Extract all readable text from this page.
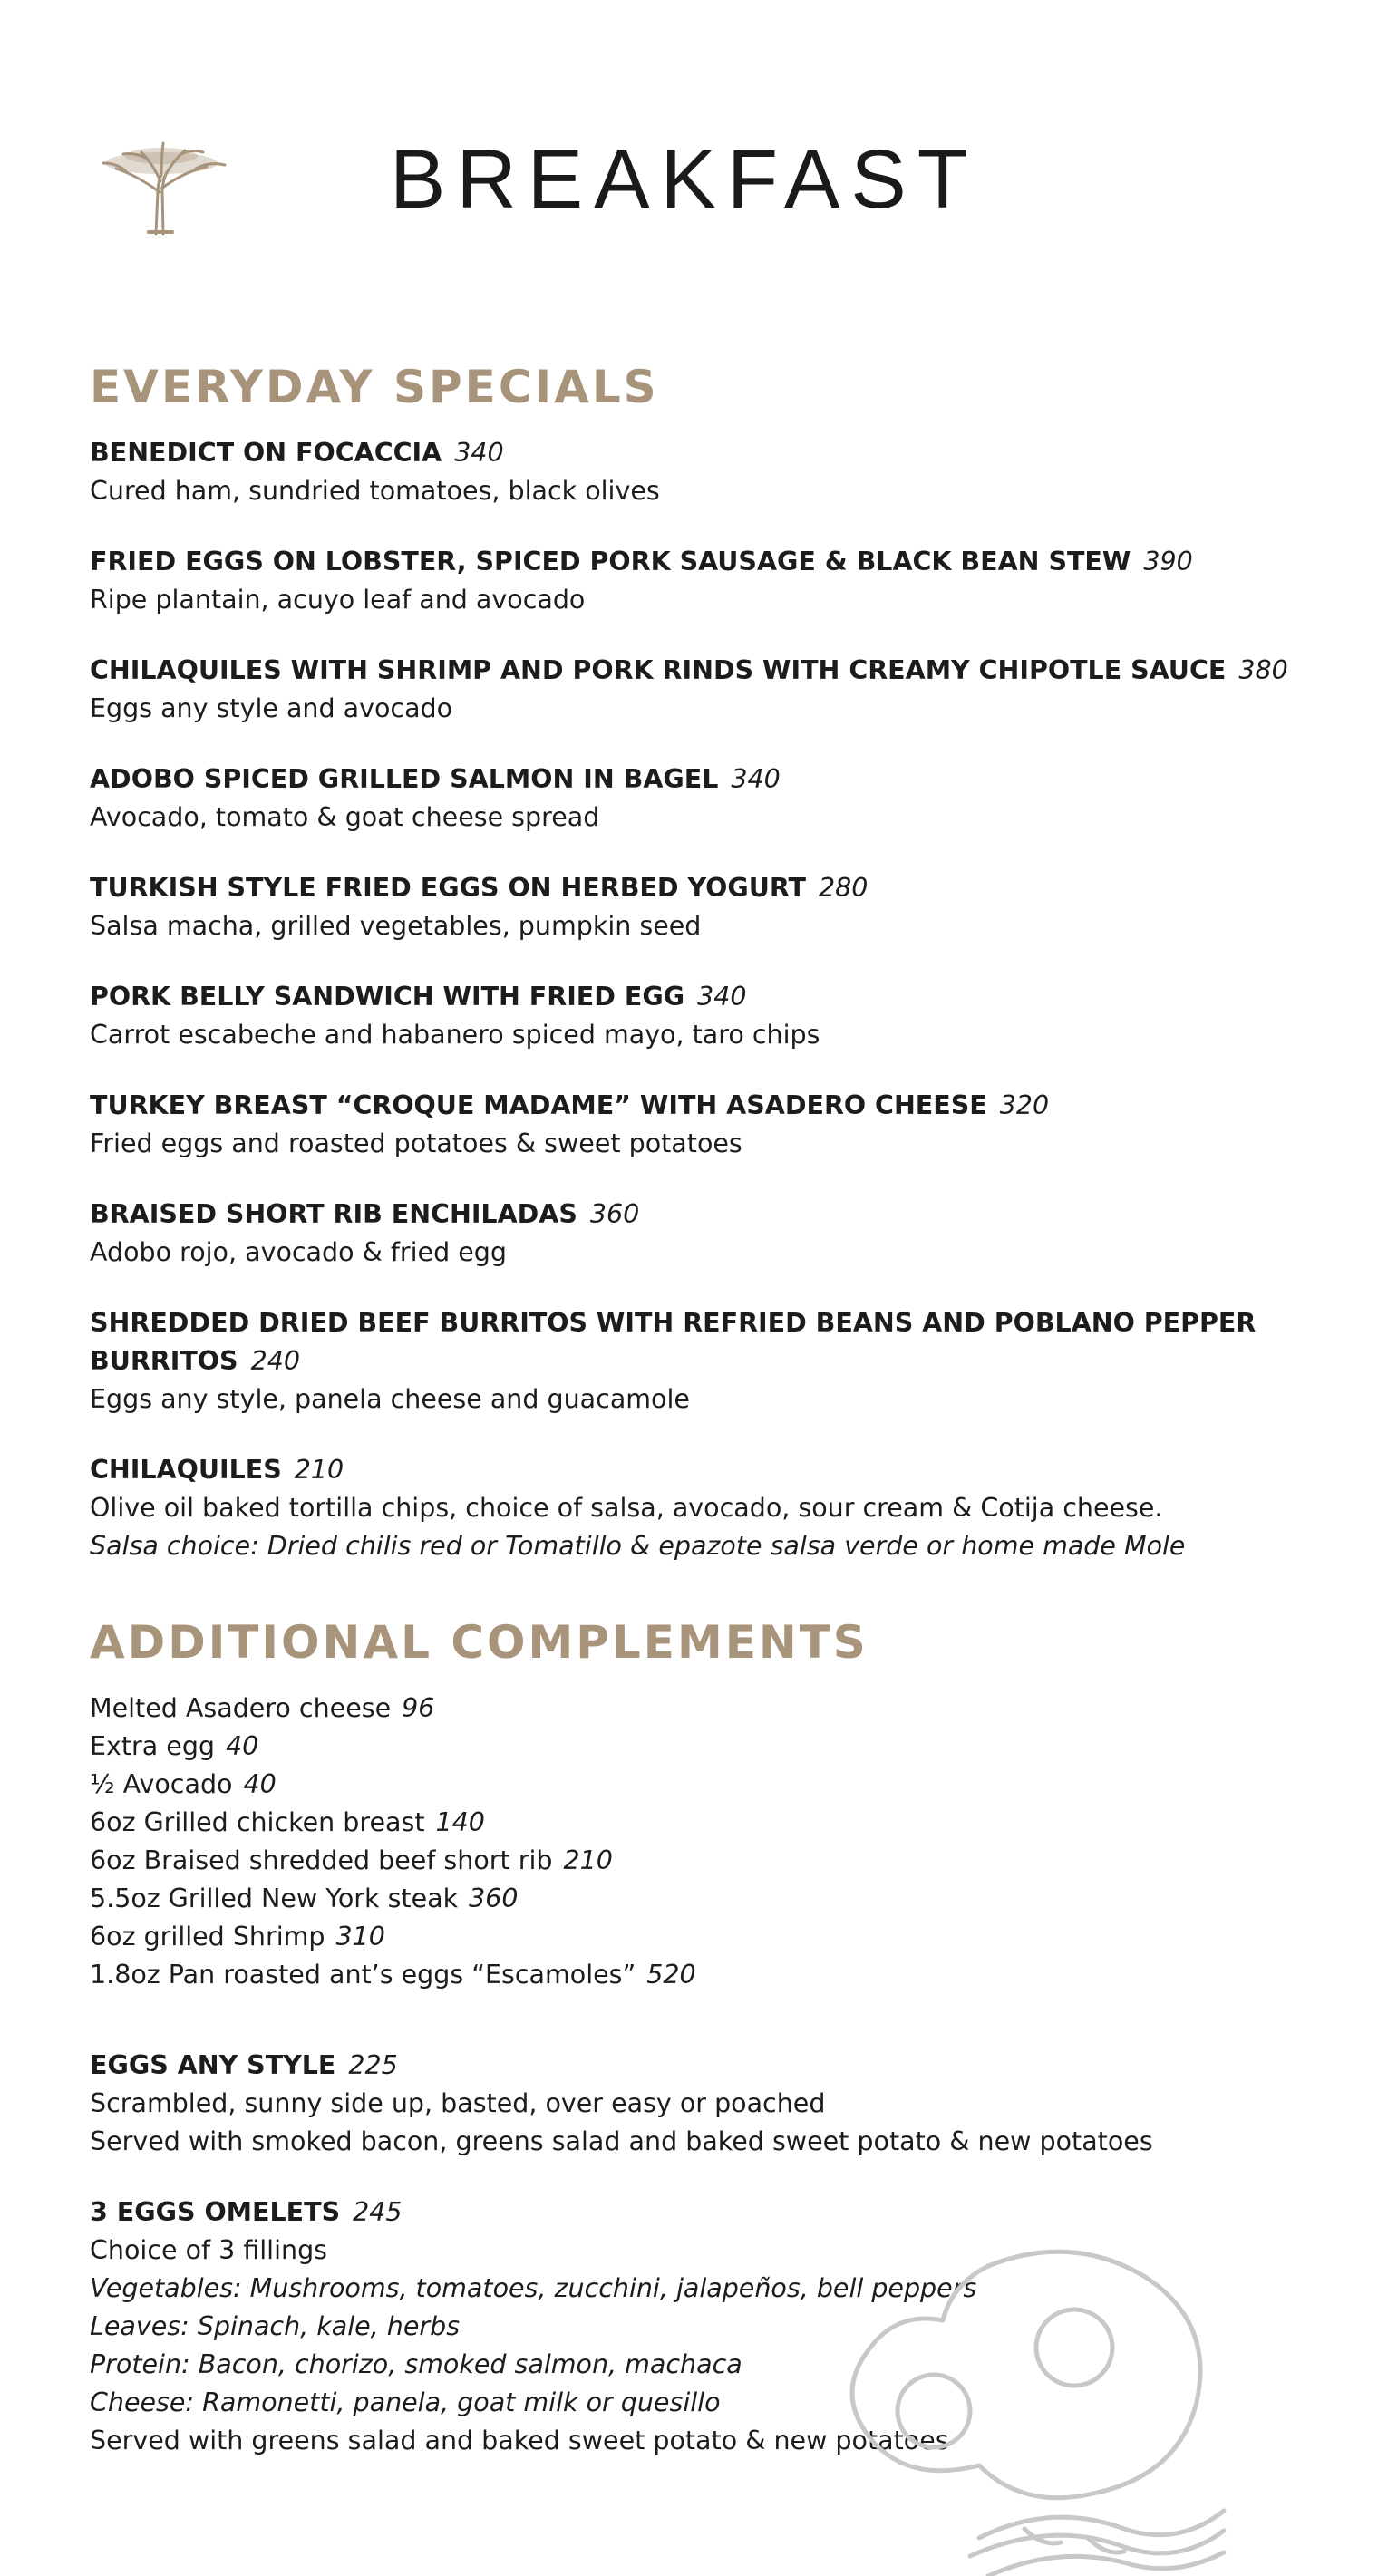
BREAKFAST
EVERYDAY SPECIALS
BENEDICT ON FOCACCIA 340
Cured ham, sundried tomatoes, black olives
FRIED EGGS ON LOBSTER, SPICED PORK SAUSAGE & BLACK BEAN STEW 390
Ripe plantain, acuyo leaf and avocado
CHILAQUILES WITH SHRIMP AND PORK RINDS WITH CREAMY CHIPOTLE SAUCE 380
Eggs any style and avocado
ADOBO SPICED GRILLED SALMON IN BAGEL 340
Avocado, tomato & goat cheese spread
TURKISH STYLE FRIED EGGS ON HERBED YOGURT 280
Salsa macha, grilled vegetables, pumpkin seed
PORK BELLY SANDWICH WITH FRIED EGG 340
Carrot escabeche and habanero spiced mayo, taro chips
TURKEY BREAST “CROQUE MADAME” WITH ASADERO CHEESE 320
Fried eggs and roasted potatoes & sweet potatoes
BRAISED SHORT RIB ENCHILADAS 360
Adobo rojo, avocado & fried egg
SHREDDED DRIED BEEF BURRITOS WITH REFRIED BEANS AND POBLANO PEPPER BURRITOS 240
Eggs any style, panela cheese and guacamole
CHILAQUILES 210
Olive oil baked tortilla chips, choice of salsa, avocado, sour cream & Cotija cheese.
Salsa choice: Dried chilis red or Tomatillo & epazote salsa verde or home made Mole
ADDITIONAL COMPLEMENTS
Melted Asadero cheese 96
Extra egg 40
½ Avocado 40
6oz Grilled chicken breast 140
6oz Braised shredded beef short rib 210
5.5oz Grilled New York steak 360
6oz grilled Shrimp 310
1.8oz Pan roasted ant’s eggs “Escamoles” 520
EGGS ANY STYLE 225
Scrambled, sunny side up, basted, over easy or poached
Served with smoked bacon, greens salad and baked sweet potato & new potatoes
3 EGGS OMELETS 245
Choice of 3 fillings
Vegetables: Mushrooms, tomatoes, zucchini, jalapeños, bell peppers
Leaves: Spinach, kale, herbs
Protein: Bacon, chorizo, smoked salmon, machaca
Cheese: Ramonetti, panela, goat milk or quesillo
Served with greens salad and baked sweet potato & new potatoes
